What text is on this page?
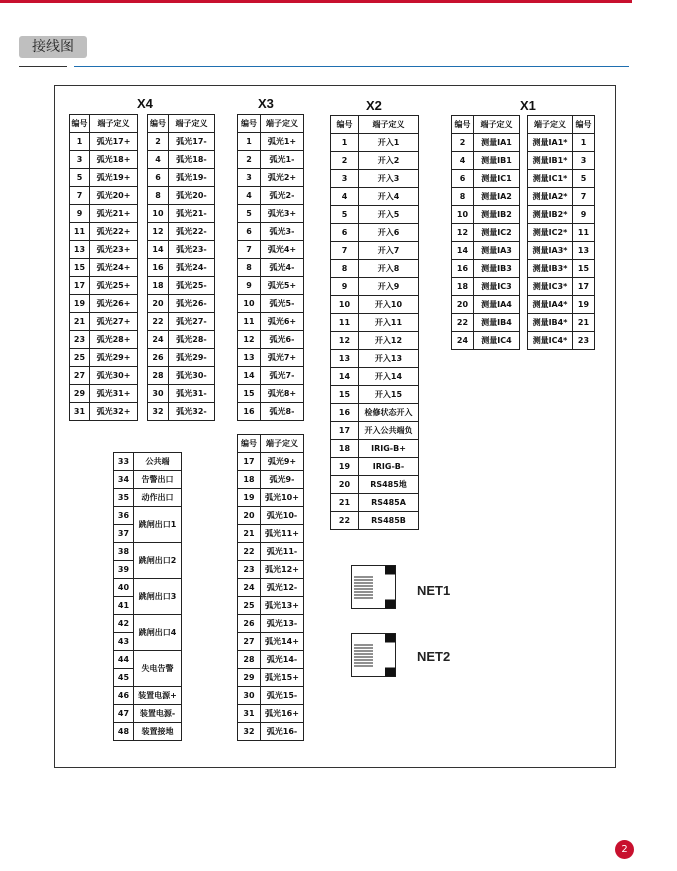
接线图
X4	X3	X2	X1
编号	端子定义
1	弧光17+
3	弧光18+
5	弧光19+
7	弧光20+
9	弧光21+
11	弧光22+
13	弧光23+
15	弧光24+
17	弧光25+
19	弧光26+
21	弧光27+
23	弧光28+
25	弧光29+
27	弧光30+
29	弧光31+
31	弧光32+
编号	端子定义
2	弧光17-
4	弧光18-
6	弧光19-
8	弧光20-
10	弧光21-
12	弧光22-
14	弧光23-
16	弧光24-
18	弧光25-
20	弧光26-
22	弧光27-
24	弧光28-
26	弧光29-
28	弧光30-
30	弧光31-
32	弧光32-
编号	端子定义
1	弧光1+
2	弧光1-
3	弧光2+
4	弧光2-
5	弧光3+
6	弧光3-
7	弧光4+
8	弧光4-
9	弧光5+
10	弧光5-
11	弧光6+
12	弧光6-
13	弧光7+
14	弧光7-
15	弧光8+
16	弧光8-
编号	端子定义
1	开入1
2	开入2
3	开入3
4	开入4
5	开入5
6	开入6
7	开入7
8	开入8
9	开入9
10	开入10
11	开入11
12	开入12
13	开入13
14	开入14
15	开入15
16	检修状态开入
17	开入公共端负
18	IRIG-B+
19	IRIG-B-
20	RS485地
21	RS485A
22	RS485B
编号	端子定义
2	测量IA1
4	测量IB1
6	测量IC1
8	测量IA2
10	测量IB2
12	测量IC2
14	测量IA3
16	测量IB3
18	测量IC3
20	测量IA4
22	测量IB4
24	测量IC4
端子定义	编号
测量IA1*	1
测量IB1*	3
测量IC1*	5
测量IA2*	7
测量IB2*	9
测量IC2*	11
测量IA3*	13
测量IB3*	15
测量IC3*	17
测量IA4*	19
测量IB4*	21
测量IC4*	23
33	公共端
34	告警出口
35	动作出口
36	跳闸出口1
37	
38	跳闸出口2
39	
40	跳闸出口3
41	
42	跳闸出口4
43	
44	失电告警
45	
46	装置电源+
47	装置电源-
48	装置接地
编号	端子定义
17	弧光9+
18	弧光9-
19	弧光10+
20	弧光10-
21	弧光11+
22	弧光11-
23	弧光12+
24	弧光12-
25	弧光13+
26	弧光13-
27	弧光14+
28	弧光14-
29	弧光15+
30	弧光15-
31	弧光16+
32	弧光16-
NET1
NET2
2
